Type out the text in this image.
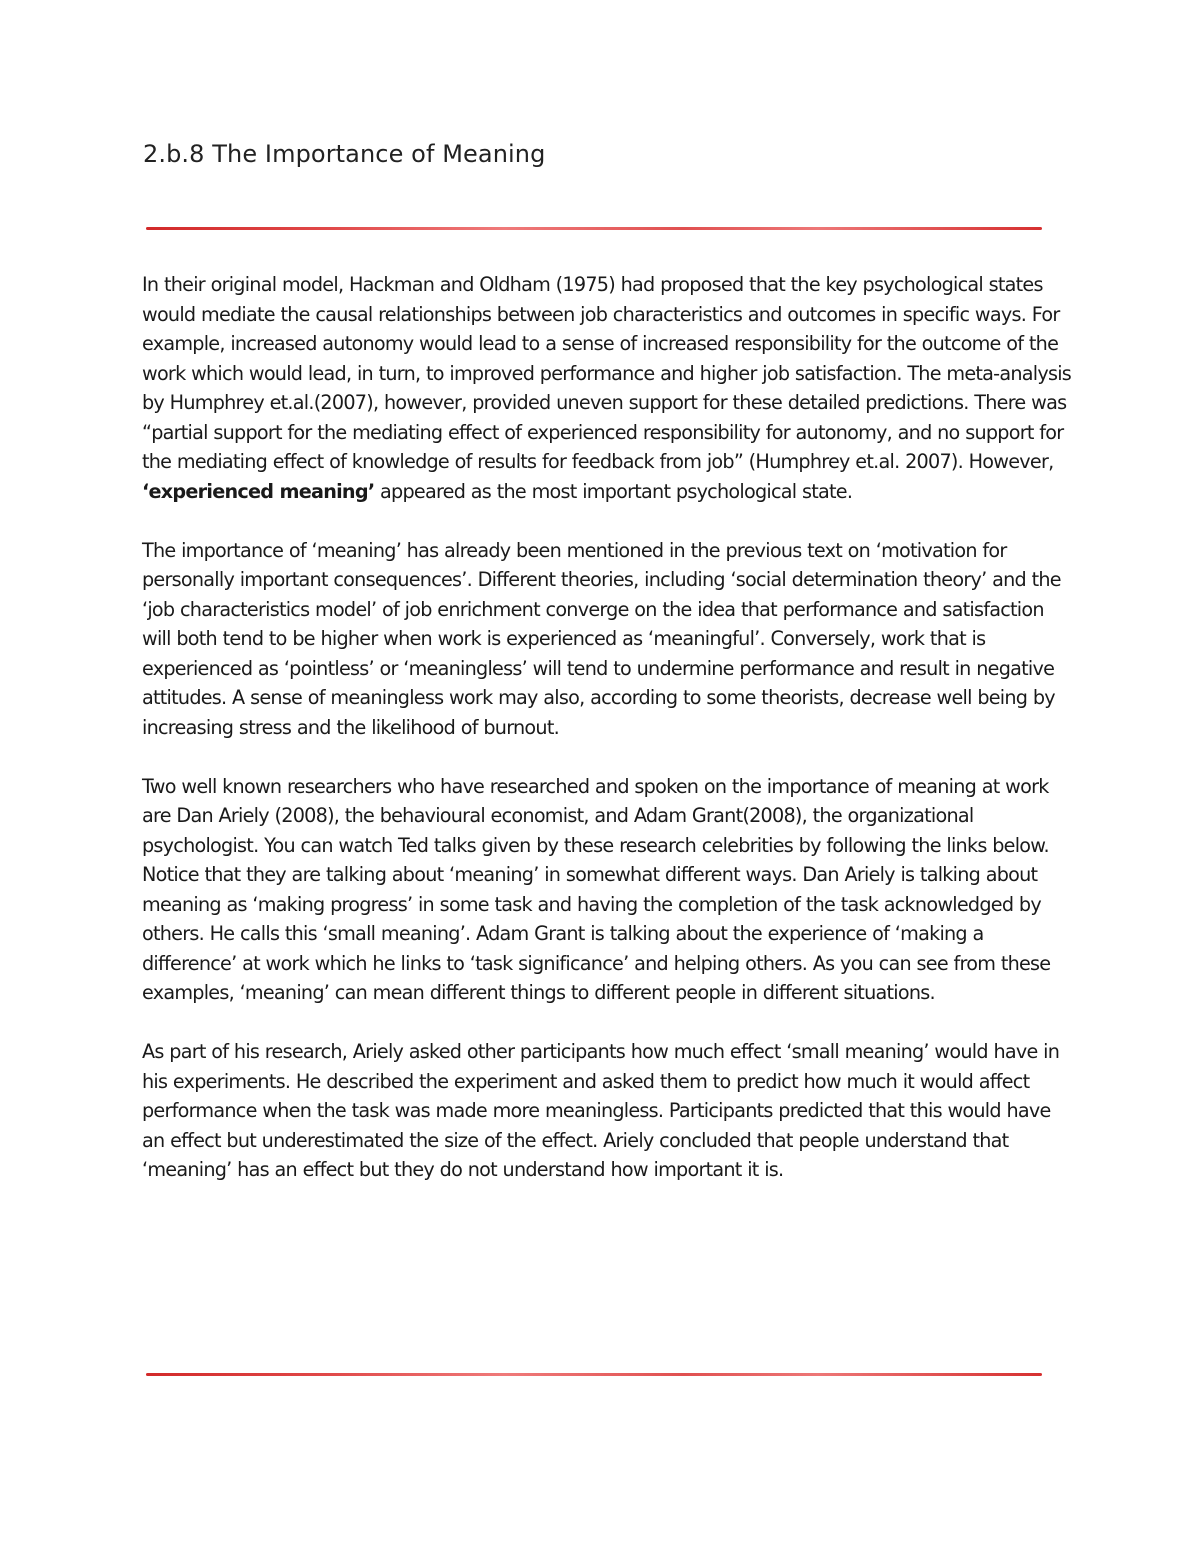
2.b.8 The Importance of Meaning

In their original model, Hackman and Oldham (1975) had proposed that the key psychological states would mediate the causal relationships between job characteristics and outcomes in specific ways. For example, increased autonomy would lead to a sense of increased responsibility for the outcome of the work which would lead, in turn, to improved performance and higher job satisfaction. The meta-analysis by Humphrey et.al.(2007), however, provided uneven support for these detailed predictions. There was “partial support for the mediating effect of experienced responsibility for autonomy, and no support for the mediating effect of knowledge of results for feedback from job” (Humphrey et.al. 2007). However, ‘experienced meaning’ appeared as the most important psychological state.

The importance of ‘meaning’ has already been mentioned in the previous text on ‘motivation for personally important consequences’. Different theories, including ‘social determination theory’ and the ‘job characteristics model’ of job enrichment converge on the idea that performance and satisfaction will both tend to be higher when work is experienced as ‘meaningful’. Conversely, work that is experienced as ‘pointless’ or ‘meaningless’ will tend to undermine performance and result in negative attitudes. A sense of meaningless work may also, according to some theorists, decrease well being by increasing stress and the likelihood of burnout.

Two well known researchers who have researched and spoken on the importance of meaning at work are Dan Ariely (2008), the behavioural economist, and Adam Grant(2008), the organizational psychologist. You can watch Ted talks given by these research celebrities by following the links below. Notice that they are talking about ‘meaning’ in somewhat different ways. Dan Ariely is talking about meaning as ‘making progress’ in some task and having the completion of the task acknowledged by others. He calls this ‘small meaning’. Adam Grant is talking about the experience of ‘making a difference’ at work which he links to ‘task significance’ and helping others. As you can see from these examples, ‘meaning’ can mean different things to different people in different situations.

As part of his research, Ariely asked other participants how much effect ‘small meaning’ would have in his experiments. He described the experiment and asked them to predict how much it would affect performance when the task was made more meaningless. Participants predicted that this would have an effect but underestimated the size of the effect. Ariely concluded that people understand that ‘meaning’ has an effect but they do not understand how important it is.
